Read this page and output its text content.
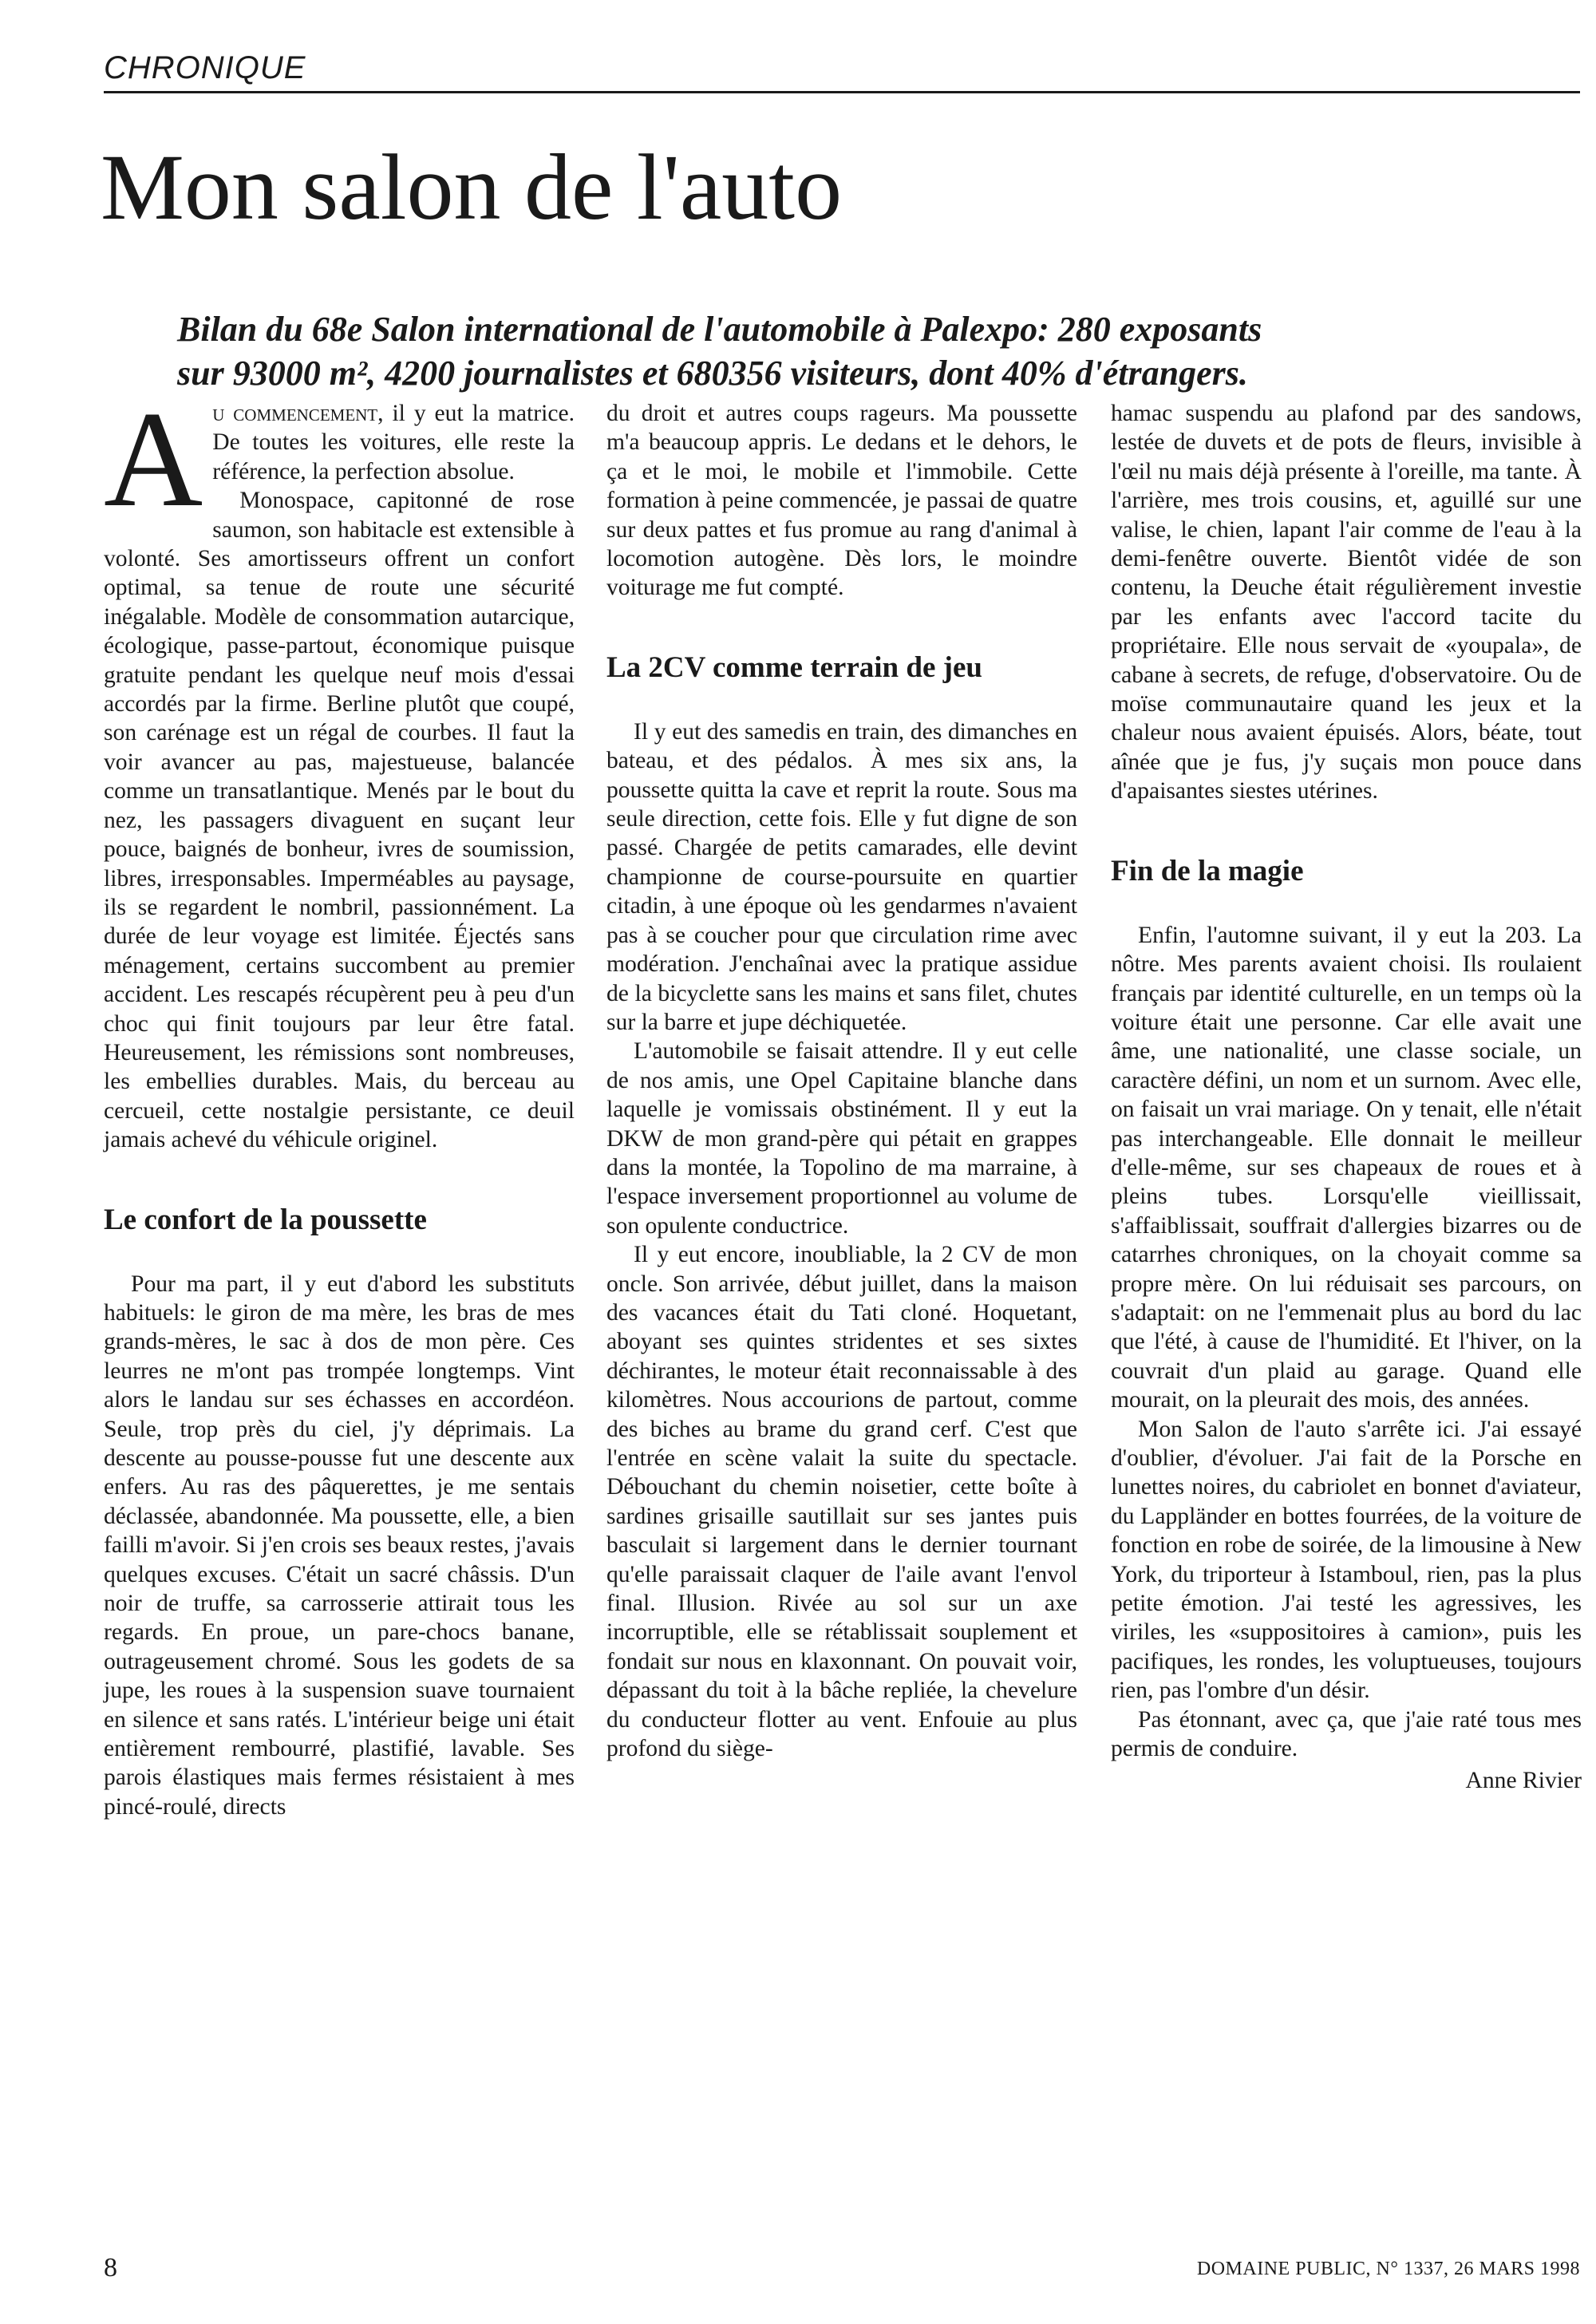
CHRONIQUE
Mon salon de l'auto

Bilan du 68e Salon international de l'automobile à Palexpo: 280 exposants
sur 93000 m², 4200 journalistes et 680356 visiteurs, dont 40% d'étrangers.

Au commencement, il y eut la matrice. De toutes les voitures, elle reste la référence, la perfection absolue.

Monospace, capitonné de rose saumon, son habitacle est extensible à volonté. Ses amortisseurs offrent un confort optimal, sa tenue de route une sécurité inégalable. Modèle de consommation autarcique, écologique, passe-partout, économique puisque gratuite pendant les quelque neuf mois d'essai accordés par la firme. Berline plutôt que coupé, son carénage est un régal de courbes. Il faut la voir avancer au pas, majestueuse, balancée comme un transatlantique. Menés par le bout du nez, les passagers divaguent en suçant leur pouce, baignés de bonheur, ivres de soumission, libres, irresponsables. Imperméables au paysage, ils se regardent le nombril, passionnément. La durée de leur voyage est limitée. Éjectés sans ménagement, certains succombent au premier accident. Les rescapés récupèrent peu à peu d'un choc qui finit toujours par leur être fatal. Heureusement, les rémissions sont nombreuses, les embellies durables. Mais, du berceau au cercueil, cette nostalgie persistante, ce deuil jamais achevé du véhicule originel.

Le confort de la poussette

Pour ma part, il y eut d'abord les substituts habituels: le giron de ma mère, les bras de mes grands-mères, le sac à dos de mon père. Ces leurres ne m'ont pas trompée longtemps. Vint alors le landau sur ses échasses en accordéon. Seule, trop près du ciel, j'y déprimais. La descente au pousse-pousse fut une descente aux enfers. Au ras des pâquerettes, je me sentais déclassée, abandonnée. Ma poussette, elle, a bien failli m'avoir. Si j'en crois ses beaux restes, j'avais quelques excuses. C'était un sacré châssis. D'un noir de truffe, sa carrosserie attirait tous les regards. En proue, un pare-chocs banane, outrageusement chromé. Sous les godets de sa jupe, les roues à la suspension suave tournaient en silence et sans ratés. L'intérieur beige uni était entièrement rembourré, plastifié, lavable. Ses parois élastiques mais fermes résistaient à mes pincé-roulé, directs

du droit et autres coups rageurs. Ma poussette m'a beaucoup appris. Le dedans et le dehors, le ça et le moi, le mobile et l'immobile. Cette formation à peine commencée, je passai de quatre sur deux pattes et fus promue au rang d'animal à locomotion autogène. Dès lors, le moindre voiturage me fut compté.

La 2CV comme terrain de jeu

Il y eut des samedis en train, des dimanches en bateau, et des pédalos. À mes six ans, la poussette quitta la cave et reprit la route. Sous ma seule direction, cette fois. Elle y fut digne de son passé. Chargée de petits camarades, elle devint championne de course-poursuite en quartier citadin, à une époque où les gendarmes n'avaient pas à se coucher pour que circulation rime avec modération. J'enchaînai avec la pratique assidue de la bicyclette sans les mains et sans filet, chutes sur la barre et jupe déchiquetée.

L'automobile se faisait attendre. Il y eut celle de nos amis, une Opel Capitaine blanche dans laquelle je vomissais obstinément. Il y eut la DKW de mon grand-père qui pétait en grappes dans la montée, la Topolino de ma marraine, à l'espace inversement proportionnel au volume de son opulente conductrice.

Il y eut encore, inoubliable, la 2 CV de mon oncle. Son arrivée, début juillet, dans la maison des vacances était du Tati cloné. Hoquetant, aboyant ses quintes stridentes et ses sixtes déchirantes, le moteur était reconnaissable à des kilomètres. Nous accourions de partout, comme des biches au brame du grand cerf. C'est que l'entrée en scène valait la suite du spectacle. Débouchant du chemin noisetier, cette boîte à sardines grisaille sautillait sur ses jantes puis basculait si largement dans le dernier tournant qu'elle paraissait claquer de l'aile avant l'envol final. Illusion. Rivée au sol sur un axe incorruptible, elle se rétablissait souplement et fondait sur nous en klaxonnant. On pouvait voir, dépassant du toit à la bâche repliée, la chevelure du conducteur flotter au vent. Enfouie au plus profond du siège-

hamac suspendu au plafond par des sandows, lestée de duvets et de pots de fleurs, invisible à l'œil nu mais déjà présente à l'oreille, ma tante. À l'arrière, mes trois cousins, et, aguillé sur une valise, le chien, lapant l'air comme de l'eau à la demi-fenêtre ouverte. Bientôt vidée de son contenu, la Deuche était régulièrement investie par les enfants avec l'accord tacite du propriétaire. Elle nous servait de «youpala», de cabane à secrets, de refuge, d'observatoire. Ou de moïse communautaire quand les jeux et la chaleur nous avaient épuisés. Alors, béate, tout aînée que je fus, j'y suçais mon pouce dans d'apaisantes siestes utérines.

Fin de la magie

Enfin, l'automne suivant, il y eut la 203. La nôtre. Mes parents avaient choisi. Ils roulaient français par identité culturelle, en un temps où la voiture était une personne. Car elle avait une âme, une nationalité, une classe sociale, un caractère défini, un nom et un surnom. Avec elle, on faisait un vrai mariage. On y tenait, elle n'était pas interchangeable. Elle donnait le meilleur d'elle-même, sur ses chapeaux de roues et à pleins tubes. Lorsqu'elle vieillissait, s'affaiblissait, souffrait d'allergies bizarres ou de catarrhes chroniques, on la choyait comme sa propre mère. On lui réduisait ses parcours, on s'adaptait: on ne l'emmenait plus au bord du lac que l'été, à cause de l'humidité. Et l'hiver, on la couvrait d'un plaid au garage. Quand elle mourait, on la pleurait des mois, des années.

Mon Salon de l'auto s'arrête ici. J'ai essayé d'oublier, d'évoluer. J'ai fait de la Porsche en lunettes noires, du cabriolet en bonnet d'aviateur, du Lappländer en bottes fourrées, de la voiture de fonction en robe de soirée, de la limousine à New York, du triporteur à Istamboul, rien, pas la plus petite émotion. J'ai testé les agressives, les viriles, les «suppositoires à camion», puis les pacifiques, les rondes, les voluptueuses, toujours rien, pas l'ombre d'un désir.

Pas étonnant, avec ça, que j'aie raté tous mes permis de conduire.

Anne Rivier
8	DOMAINE PUBLIC, N° 1337, 26 MARS 1998
